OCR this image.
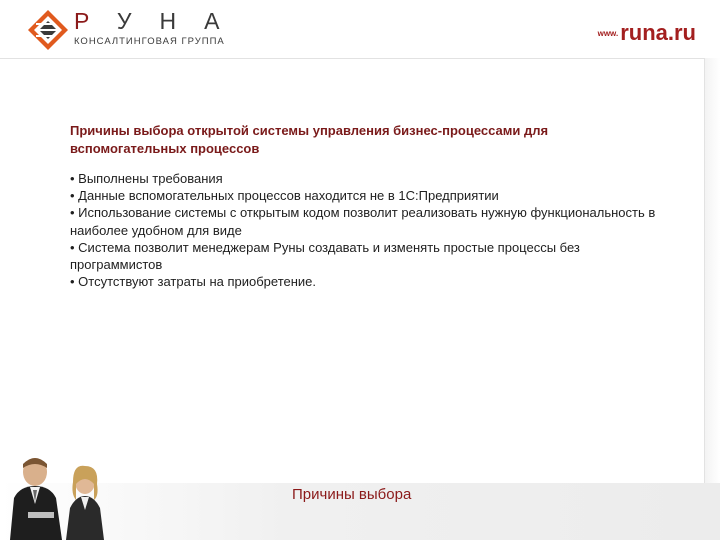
РУНА
КОНСАЛТИНГОВАЯ ГРУППА
www.runa.ru
Причины выбора открытой системы управления бизнес-процессами для вспомогательных процессов
• Выполнены требования
• Данные вспомогательных процессов находится не в 1С:Предприятии
• Использование системы с открытым кодом позволит реализовать нужную функциональность в наиболее удобном для виде
• Система позволит менеджерам Руны создавать и изменять простые процессы без программистов
• Отсутствуют затраты на приобретение.
Причины выбора
